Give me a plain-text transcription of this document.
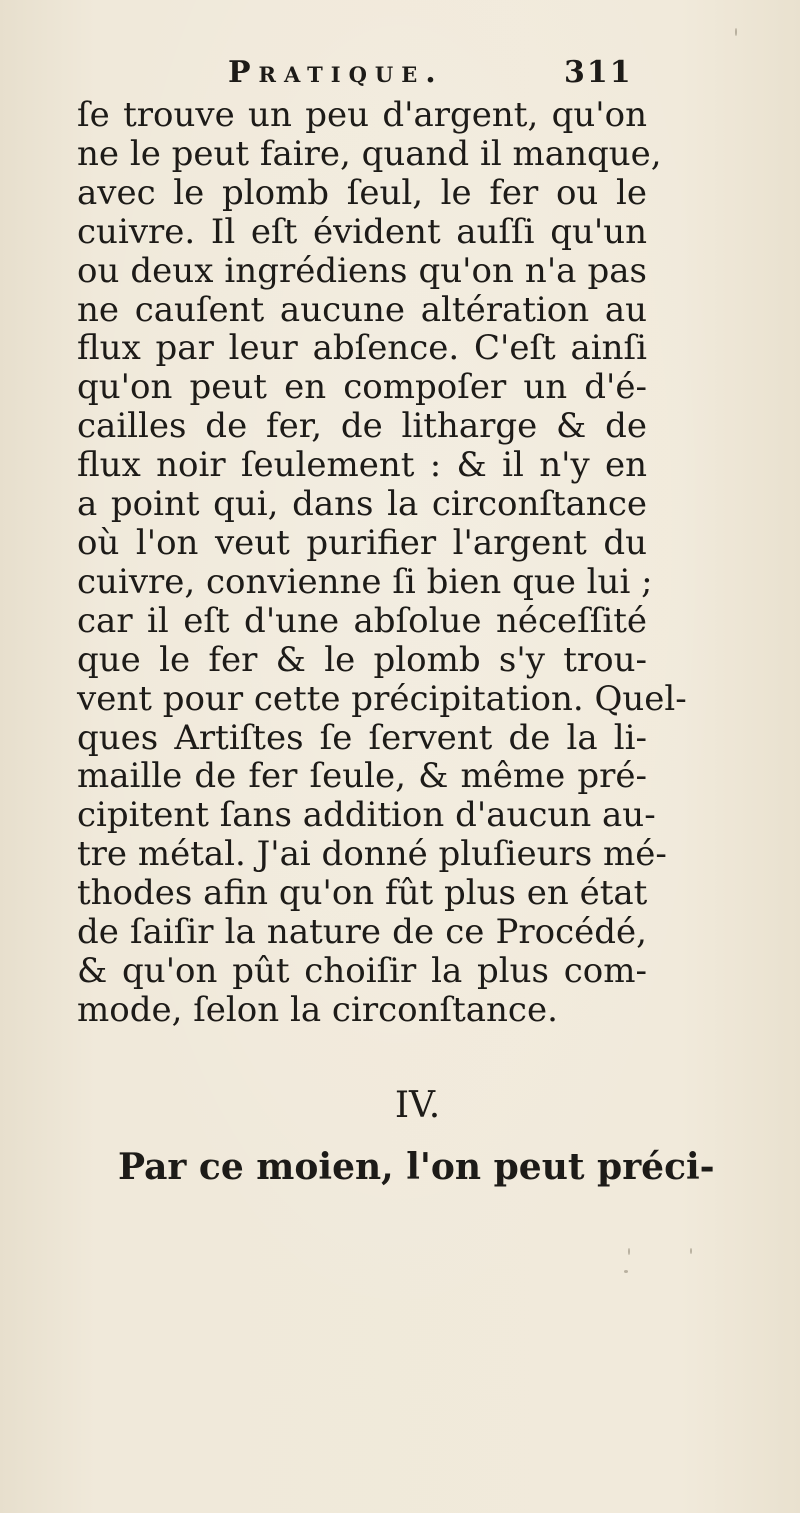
Pratique.	311
ſe trouve un peu d'argent, qu'on
ne le peut faire, quand il manque,
avec le plomb ſeul, le fer ou le
cuivre. Il eſt évident auſſi qu'un
ou deux ingrédiens qu'on n'a pas
ne cauſent aucune altération au
flux par leur abſence. C'eſt ainſi
qu'on peut en compoſer un d'é-
cailles de fer, de litharge & de
flux noir ſeulement : & il n'y en
a point qui, dans la circonſtance
où l'on veut purifier l'argent du
cuivre, convienne ſi bien que lui ;
car il eſt d'une abſolue néceſſité
que le fer & le plomb s'y trou-
vent pour cette précipitation. Quel-
ques Artiſtes ſe ſervent de la li-
maille de fer ſeule, & même pré-
cipitent ſans addition d'aucun au-
tre métal. J'ai donné pluſieurs mé-
thodes afin qu'on fût plus en état
de ſaiſir la nature de ce Procédé,
& qu'on pût choiſir la plus com-
mode, ſelon la circonſtance.
IV.
Par ce moien, l'on peut préci-
